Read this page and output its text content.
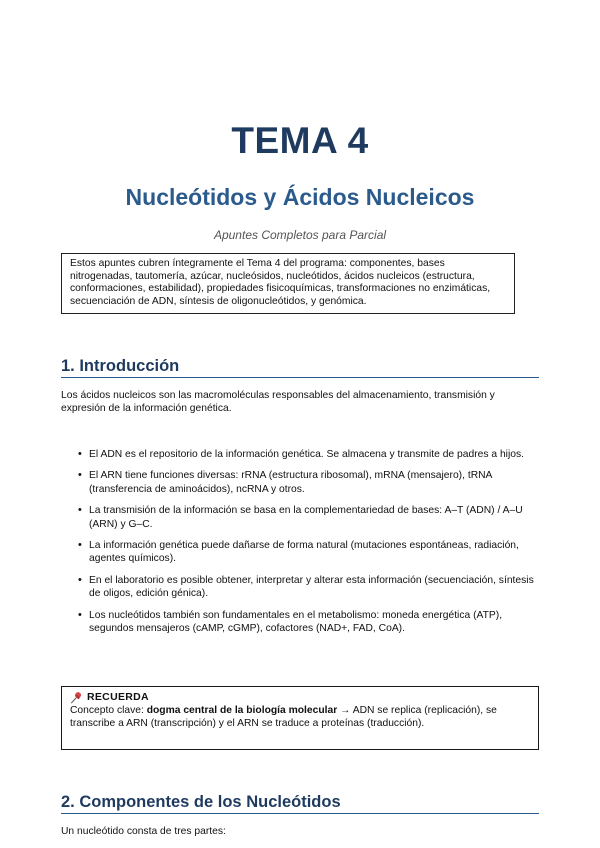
TEMA 4
Nucleótidos y Ácidos Nucleicos
Apuntes Completos para Parcial
Estos apuntes cubren íntegramente el Tema 4 del programa: componentes, bases nitrogenadas, tautomería, azúcar, nucleósidos, nucleótidos, ácidos nucleicos (estructura, conformaciones, estabilidad), propiedades fisicoquímicas, transformaciones no enzimáticas, secuenciación de ADN, síntesis de oligonucleótidos, y genómica.
1. Introducción
Los ácidos nucleicos son las macromoléculas responsables del almacenamiento, transmisión y expresión de la información genética.
• El ADN es el repositorio de la información genética. Se almacena y transmite de padres a hijos.
• El ARN tiene funciones diversas: rRNA (estructura ribosomal), mRNA (mensajero), tRNA (transferencia de aminoácidos), ncRNA y otros.
• La transmisión de la información se basa en la complementariedad de bases: A–T (ADN) / A–U (ARN) y G–C.
• La información genética puede dañarse de forma natural (mutaciones espontáneas, radiación, agentes químicos).
• En el laboratorio es posible obtener, interpretar y alterar esta información (secuenciación, síntesis de oligos, edición génica).
• Los nucleótidos también son fundamentales en el metabolismo: moneda energética (ATP), segundos mensajeros (cAMP, cGMP), cofactores (NAD+, FAD, CoA).
RECUERDA
Concepto clave: dogma central de la biología molecular → ADN se replica (replicación), se transcribe a ARN (transcripción) y el ARN se traduce a proteínas (traducción).
2. Componentes de los Nucleótidos
Un nucleótido consta de tres partes:
